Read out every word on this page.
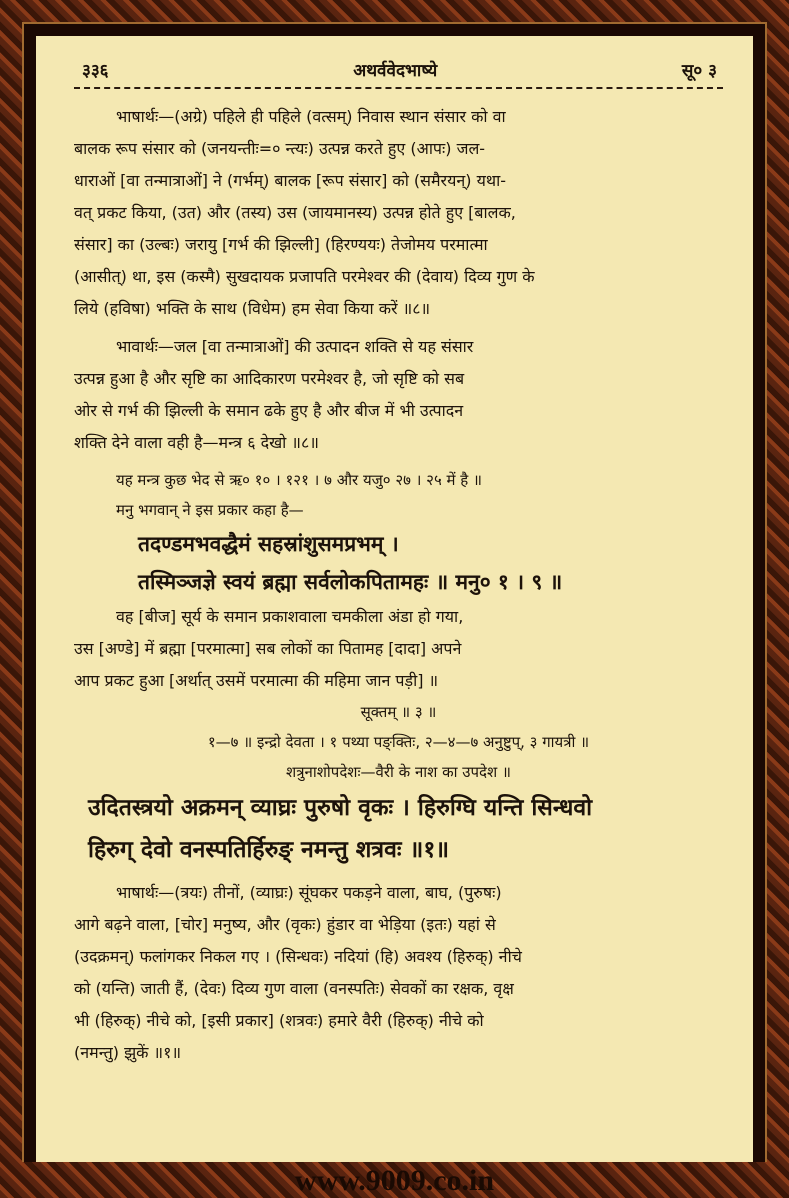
३३६	अथर्ववेदभाष्ये	सू० ३

भाषार्थः—(अग्रे) पहिले ही पहिले (वत्सम्) निवास स्थान संसार को वा

बालक रूप संसार को (जनयन्तीः=० न्त्यः) उत्पन्न करते हुए (आपः) जल-

धाराओं [वा तन्मात्राओं] ने (गर्भम्) बालक [रूप संसार] को (समैरयन्) यथा-

वत् प्रकट किया, (उत) और (तस्य) उस (जायमानस्य) उत्पन्न होते हुए [बालक,

संसार] का (उल्बः) जरायु [गर्भ की झिल्ली] (हिरण्ययः) तेजोमय परमात्मा

(आसीत्) था, इस (कस्मै) सुखदायक प्रजापति परमेश्वर की (देवाय) दिव्य गुण के

लिये (हविषा) भक्ति के साथ (विधेम) हम सेवा किया करें ॥८॥

भावार्थः—जल [वा तन्मात्राओं] की उत्पादन शक्ति से यह संसार

उत्पन्न हुआ है और सृष्टि का आदिकारण परमेश्वर है, जो सृष्टि को सब

ओर से गर्भ की झिल्ली के समान ढके हुए है और बीज में भी उत्पादन

शक्ति देने वाला वही है—मन्त्र ६ देखो ॥८॥

यह मन्त्र कुछ भेद से ऋ० १० । १२१ । ७ और यजु० २७ । २५ में है ॥

मनु भगवान् ने इस प्रकार कहा है—

तदण्डमभवद्धैमं सहस्रांशुसमप्रभम् ।

तस्मिञ्जज्ञे स्वयं ब्रह्मा सर्वलोकपितामहः ॥ मनु० १ । ९ ॥

वह [बीज] सूर्य के समान प्रकाशवाला चमकीला अंडा हो गया,

उस [अण्डे] में ब्रह्मा [परमात्मा] सब लोकों का पितामह [दादा] अपने

आप प्रकट हुआ [अर्थात् उसमें परमात्मा की महिमा जान पड़ी] ॥

सूक्तम् ॥ ३ ॥

१—७ ॥ इन्द्रो देवता । १ पथ्या पङ्क्तिः, २—४—७ अनुष्टुप्, ३ गायत्री ॥

शत्रुनाशोपदेशः—वैरी के नाश का उपदेश ॥

उदितस्त्रयो अक्रमन् व्याघ्रः पुरुषो वृकः । हिरुग्घि यन्ति सिन्धवो

हिरुग् देवो वनस्पतिर्हिरुङ् नमन्तु शत्रवः ॥१॥

भाषार्थः—(त्रयः) तीनों, (व्याघ्रः) सूंघकर पकड़ने वाला, बाघ, (पुरुषः)

आगे बढ़ने वाला, [चोर] मनुष्य, और (वृकः) हुंडार वा भेड़िया (इतः) यहां से

(उदक्रमन्) फलांगकर निकल गए । (सिन्धवः) नदियां (हि) अवश्य (हिरुक्) नीचे

को (यन्ति) जाती हैं, (देवः) दिव्य गुण वाला (वनस्पतिः) सेवकों का रक्षक, वृक्ष

भी (हिरुक्) नीचे को, [इसी प्रकार] (शत्रवः) हमारे वैरी (हिरुक्) नीचे को

(नमन्तु) झुकें ॥१॥

www.9009.co.in
